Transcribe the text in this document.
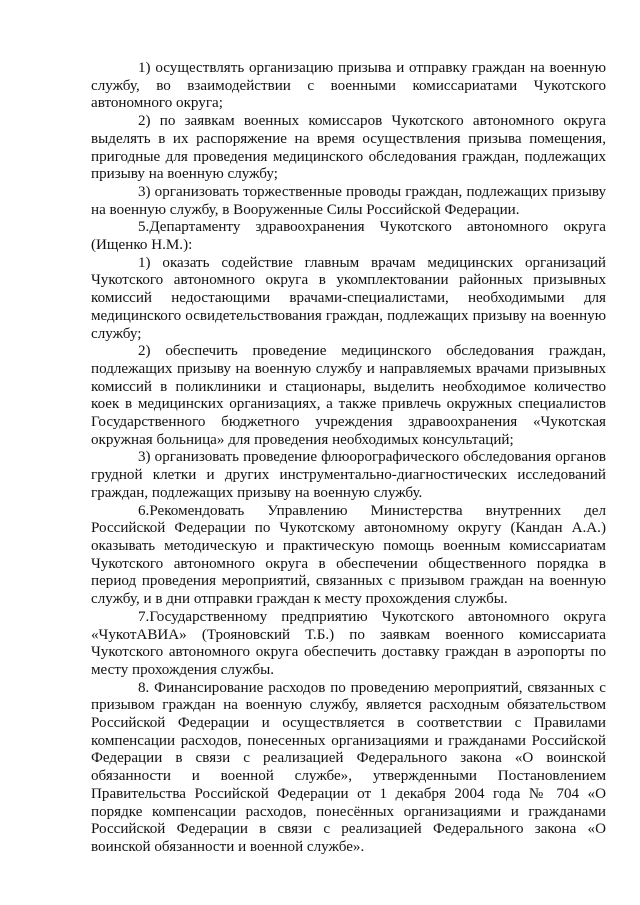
1) осуществлять организацию призыва и отправку граждан на военную службу, во взаимодействии с военными комиссариатами Чукотского автономного округа;

2) по заявкам военных комиссаров Чукотского автономного округа выделять в их распоряжение на время осуществления призыва помещения, пригодные для проведения медицинского обследования граждан, подлежащих призыву на военную службу;

3) организовать торжественные проводы граждан, подлежащих призыву на военную службу, в Вооруженные Силы Российской Федерации.

5.Департаменту здравоохранения Чукотского автономного округа (Ищенко Н.М.):

1) оказать содействие главным врачам медицинских организаций Чукотского автономного округа в укомплектовании районных призывных комиссий недостающими врачами-специалистами, необходимыми для медицинского освидетельствования граждан, подлежащих призыву на военную службу;

2) обеспечить проведение медицинского обследования граждан, подлежащих призыву на военную службу и направляемых врачами призывных комиссий в поликлиники и стационары, выделить необходимое количество коек в медицинских организациях, а также привлечь окружных специалистов Государственного бюджетного учреждения здравоохранения «Чукотская окружная больница» для проведения необходимых консультаций;

3) организовать проведение флюорографического обследования органов грудной клетки и других инструментально-диагностических исследований граждан, подлежащих призыву на военную службу.

6.Рекомендовать Управлению Министерства внутренних дел Российской Федерации по Чукотскому автономному округу (Кандан А.А.) оказывать методическую и практическую помощь военным комиссариатам Чукотского автономного округа в обеспечении общественного порядка в период проведения мероприятий, связанных с призывом граждан на военную службу, и в дни отправки граждан к месту прохождения службы.

7.Государственному предприятию Чукотского автономного округа «ЧукотАВИА» (Трояновский Т.Б.) по заявкам военного комиссариата Чукотского автономного округа обеспечить доставку граждан в аэропорты по месту прохождения службы.

8. Финансирование расходов по проведению мероприятий, связанных с призывом граждан на военную службу, является расходным обязательством Российской Федерации и осуществляется в соответствии с Правилами компенсации расходов, понесенных организациями и гражданами Российской Федерации в связи с реализацией Федерального закона «О воинской обязанности и военной службе», утвержденными Постановлением Правительства Российской Федерации от 1 декабря 2004 года № 704 «О порядке компенсации расходов, понесённых организациями и гражданами Российской Федерации в связи с реализацией Федерального закона «О воинской обязанности и военной службе».
